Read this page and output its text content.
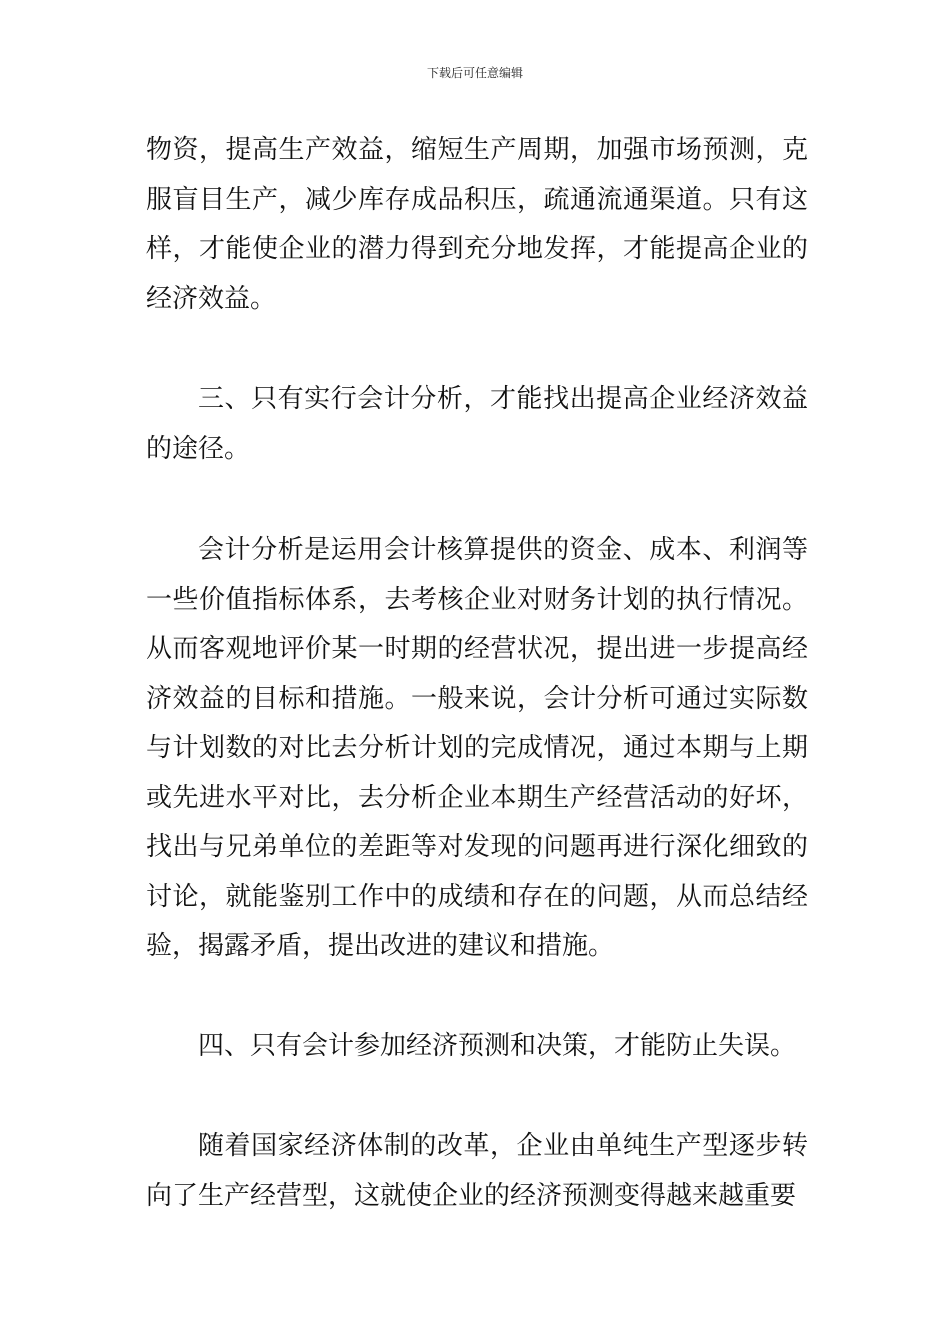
下载后可任意编辑

物资，提高生产效益，缩短生产周期，加强市场预测，克服盲目生产，减少库存成品积压，疏通流通渠道。只有这样，才能使企业的潜力得到充分地发挥，才能提高企业的经济效益。

三、只有实行会计分析，才能找出提高企业经济效益的途径。

会计分析是运用会计核算提供的资金、成本、利润等一些价值指标体系，去考核企业对财务计划的执行情况。从而客观地评价某一时期的经营状况，提出进一步提高经济效益的目标和措施。一般来说，会计分析可通过实际数与计划数的对比去分析计划的完成情况，通过本期与上期或先进水平对比，去分析企业本期生产经营活动的好坏，找出与兄弟单位的差距等对发现的问题再进行深化细致的讨论，就能鉴别工作中的成绩和存在的问题，从而总结经验，揭露矛盾，提出改进的建议和措施。

四、只有会计参加经济预测和决策，才能防止失误。

随着国家经济体制的改革，企业由单纯生产型逐步转向了生产经营型，这就使企业的经济预测变得越来越重要
